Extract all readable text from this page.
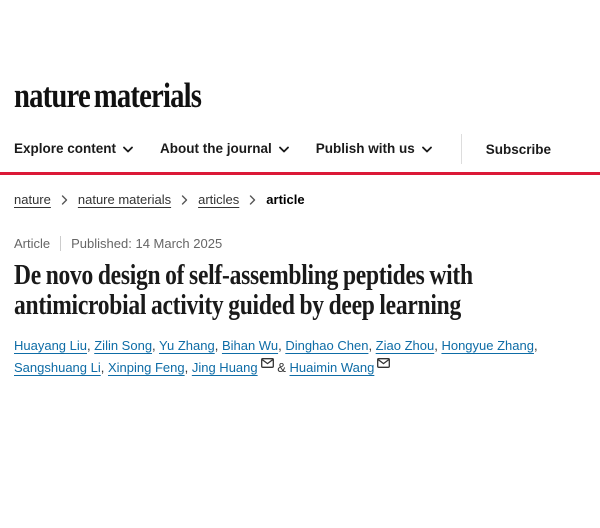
nature materials
Explore content	About the journal	Publish with us	Subscribe
nature nature materials articles article
Article Published:
14 March 2025
De novo design of self-assembling peptides with antimicrobial activity guided by deep learning

Huayang Liu, Zilin Song, Yu Zhang, Bihan Wu, Dinghao Chen, Ziao Zhou, Hongyue Zhang, Sangshuang Li, Xinping Feng, Jing Huang & Huaimin Wang
